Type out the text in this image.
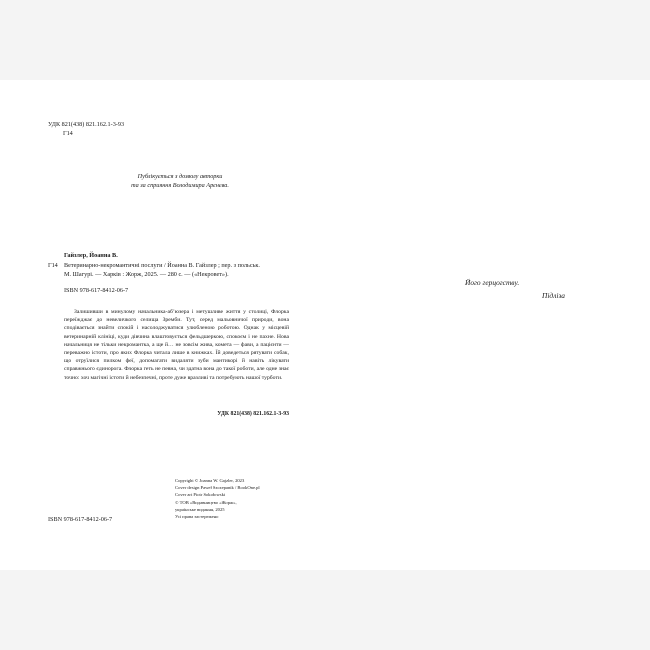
УДК 821(438) 821.162.1-3-93
Г14
Публікується з дозволу авторки
та за сприяння Володимира Арєнєва.
Гайзлер, Йоанна В.
Г14 Ветеринарно-некромантичні послуги / Йоанна В. Гайзлер ; пер. з польськ.
М. Шагурі. — Харків : Жорж, 2025. — 280 с. — («Некровет»).
ISBN 978-617-8412-06-7

Залишивши в минулому начальника-аб’юзера і метушливе життя у столиці, Флорка переїжджає до невеличкого селища Зремби. Тут, серед мальовничої природи, вона сподівається знайти спокій і насолоджуватися улюбленою роботою. Однак у місцевій ветеринарній клініці, куди дівчина влаштовується фельдшеркою, спокоєм і не пахне. Нова начальниця не тільки некромантка, а ще й… не зовсім жива, комета — фави, а пацієнти — переважно істоти, про яких Флорка читала лише в книжках. Їй доведеться рятувати собак, що отруїлися пилком феї, допомагати видаляти зуби мантикорі й навіть лікувати справжнього єдинорога. Флорка геть не певна, чи здатна вона до такої роботи, але одне знає точно: хоч магічні істоти й небезпечні, проте дуже вразливі та потребують нашої турботи.

УДК 821(438) 821.162.1-3-93
Copyright © Joanna W. Gajzler, 2023
Cover design Paweł Szczepanik / BookOne.pl
Cover art Piotr Sokołowski
© ТОВ «Видавництво «Жорж»,
українське видання, 2025
Усі права застережено
ISBN 978-617-8412-06-7
Його герцогству.
Підліза
